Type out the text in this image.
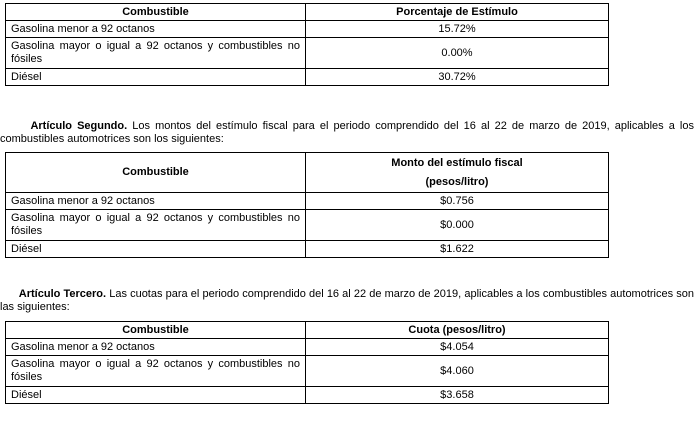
Combustible	Porcentaje de Estímulo
Gasolina menor a 92 octanos	15.72%
Gasolina mayor o igual a 92 octanos y combustibles no fósiles	0.00%
Diésel	30.72%

Artículo Segundo. Los montos del estímulo fiscal para el periodo comprendido del 16 al 22 de marzo de 2019, aplicables a los combustibles automotrices son los siguientes:

Combustible	Monto del estímulo fiscal
(pesos/litro)

Gasolina menor a 92 octanos	$0.756
Gasolina mayor o igual a 92 octanos y combustibles no fósiles	$0.000
Diésel	$1.622

Artículo Tercero. Las cuotas para el periodo comprendido del 16 al 22 de marzo de 2019, aplicables a los combustibles automotrices son las siguientes:

Combustible	Cuota (pesos/litro)
Gasolina menor a 92 octanos	$4.054
Gasolina mayor o igual a 92 octanos y combustibles no fósiles	$4.060
Diésel	$3.658
